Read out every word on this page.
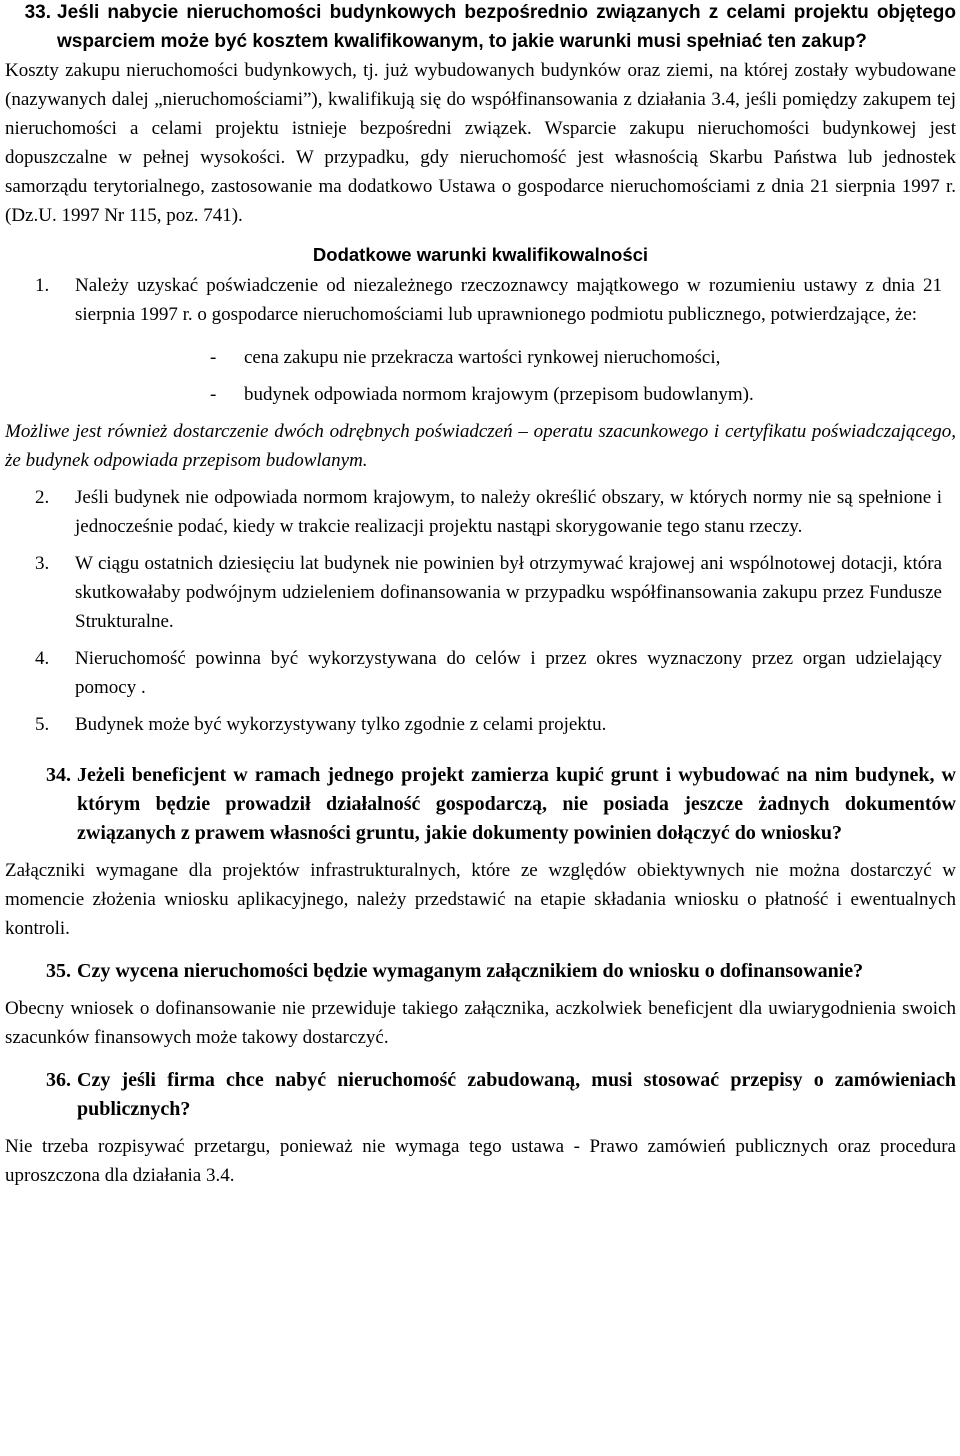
33. Jeśli nabycie nieruchomości budynkowych bezpośrednio związanych z celami projektu objętego wsparciem może być kosztem kwalifikowanym, to jakie warunki musi spełniać ten zakup?

Koszty zakupu nieruchomości budynkowych, tj. już wybudowanych budynków oraz ziemi, na której zostały wybudowane (nazywanych dalej „nieruchomościami”), kwalifikują się do współfinansowania z działania 3.4, jeśli pomiędzy zakupem tej nieruchomości a celami projektu istnieje bezpośredni związek. Wsparcie zakupu nieruchomości budynkowej jest dopuszczalne w pełnej wysokości. W przypadku, gdy nieruchomość jest własnością Skarbu Państwa lub jednostek samorządu terytorialnego, zastosowanie ma dodatkowo Ustawa o gospodarce nieruchomościami z dnia 21 sierpnia 1997 r. (Dz.U. 1997 Nr 115, poz. 741).

Dodatkowe warunki kwalifikowalności
1.	Należy uzyskać poświadczenie od niezależnego rzeczoznawcy majątkowego w rozumieniu ustawy z dnia 21 sierpnia 1997 r. o gospodarce nieruchomościami lub uprawnionego podmiotu publicznego, potwierdzające, że:
-	cena zakupu nie przekracza wartości rynkowej nieruchomości,
-	budynek odpowiada normom krajowym (przepisom budowlanym).
Możliwe jest również dostarczenie dwóch odrębnych poświadczeń – operatu szacunkowego i certyfikatu poświadczającego, że budynek odpowiada przepisom budowlanym.
2.	Jeśli budynek nie odpowiada normom krajowym, to należy określić obszary, w których normy nie są spełnione i jednocześnie podać, kiedy w trakcie realizacji projektu nastąpi skorygowanie tego stanu rzeczy.
3.	W ciągu ostatnich dziesięciu lat budynek nie powinien był otrzymywać krajowej ani wspólnotowej dotacji, która skutkowałaby podwójnym udzieleniem dofinansowania w przypadku współfinansowania zakupu przez Fundusze Strukturalne.
4.	Nieruchomość powinna być wykorzystywana do celów i przez okres wyznaczony przez organ udzielający pomocy .
5.	Budynek może być wykorzystywany tylko zgodnie z celami projektu.
34. Jeżeli beneficjent w ramach jednego projekt zamierza kupić grunt i wybudować na nim budynek, w którym będzie prowadził działalność gospodarczą, nie posiada jeszcze żadnych dokumentów związanych z prawem własności gruntu, jakie dokumenty powinien dołączyć do wniosku?

Załączniki wymagane dla projektów infrastrukturalnych, które ze względów obiektywnych nie można dostarczyć w momencie złożenia wniosku aplikacyjnego, należy przedstawić na etapie składania wniosku o płatność i ewentualnych kontroli.

35. Czy wycena nieruchomości będzie wymaganym załącznikiem do wniosku o dofinansowanie?

Obecny wniosek o dofinansowanie nie przewiduje takiego załącznika, aczkolwiek beneficjent dla uwiarygodnienia swoich szacunków finansowych może takowy dostarczyć.

36. Czy jeśli firma chce nabyć nieruchomość zabudowaną, musi stosować przepisy o zamówieniach publicznych?

Nie trzeba rozpisywać przetargu, ponieważ nie wymaga tego ustawa - Prawo zamówień publicznych oraz procedura uproszczona dla działania 3.4.
